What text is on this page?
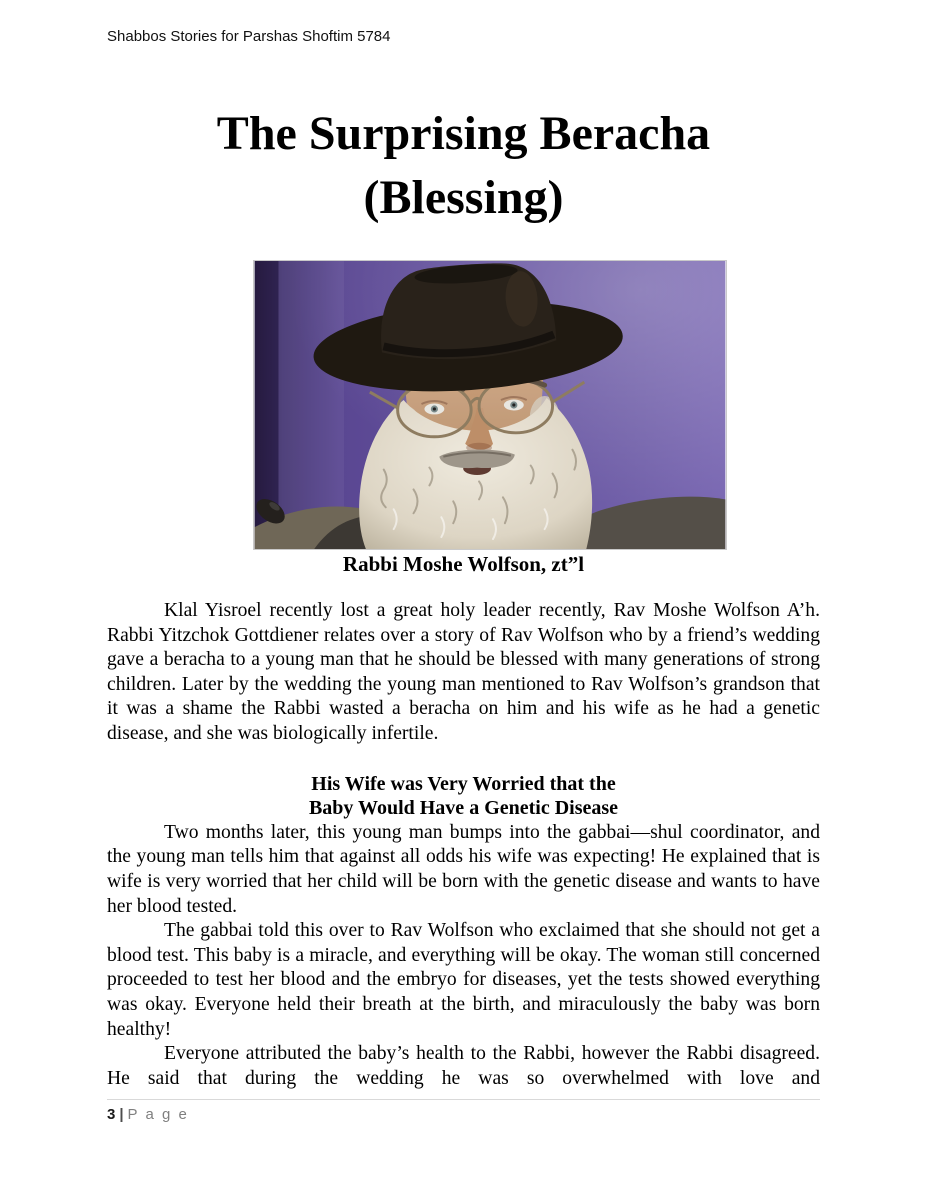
Shabbos Stories for Parshas Shoftim 5784
The Surprising Beracha
(Blessing)
Rabbi Moshe Wolfson, zt”l

Klal Yisroel recently lost a great holy leader recently, Rav Moshe Wolfson A’h. Rabbi Yitzchok Gottdiener relates over a story of Rav Wolfson who by a friend’s wedding gave a beracha to a young man that he should be blessed with many generations of strong children. Later by the wedding the young man mentioned to Rav Wolfson’s grandson that it was a shame the Rabbi wasted a beracha on him and his wife as he had a genetic disease, and she was biologically infertile.

His Wife was Very Worried that the
Baby Would Have a Genetic Disease

Two months later, this young man bumps into the gabbai—shul coordinator, and the young man tells him that against all odds his wife was expecting! He explained that is wife is very worried that her child will be born with the genetic disease and wants to have her blood tested.

The gabbai told this over to Rav Wolfson who exclaimed that she should not get a blood test. This baby is a miracle, and everything will be okay. The woman still concerned proceeded to test her blood and the embryo for diseases, yet the tests showed everything was okay. Everyone held their breath at the birth, and miraculously the baby was born healthy!

Everyone attributed the baby’s health to the Rabbi, however the Rabbi disagreed. He said that during the wedding he was so overwhelmed with love and

3 | P a g e
